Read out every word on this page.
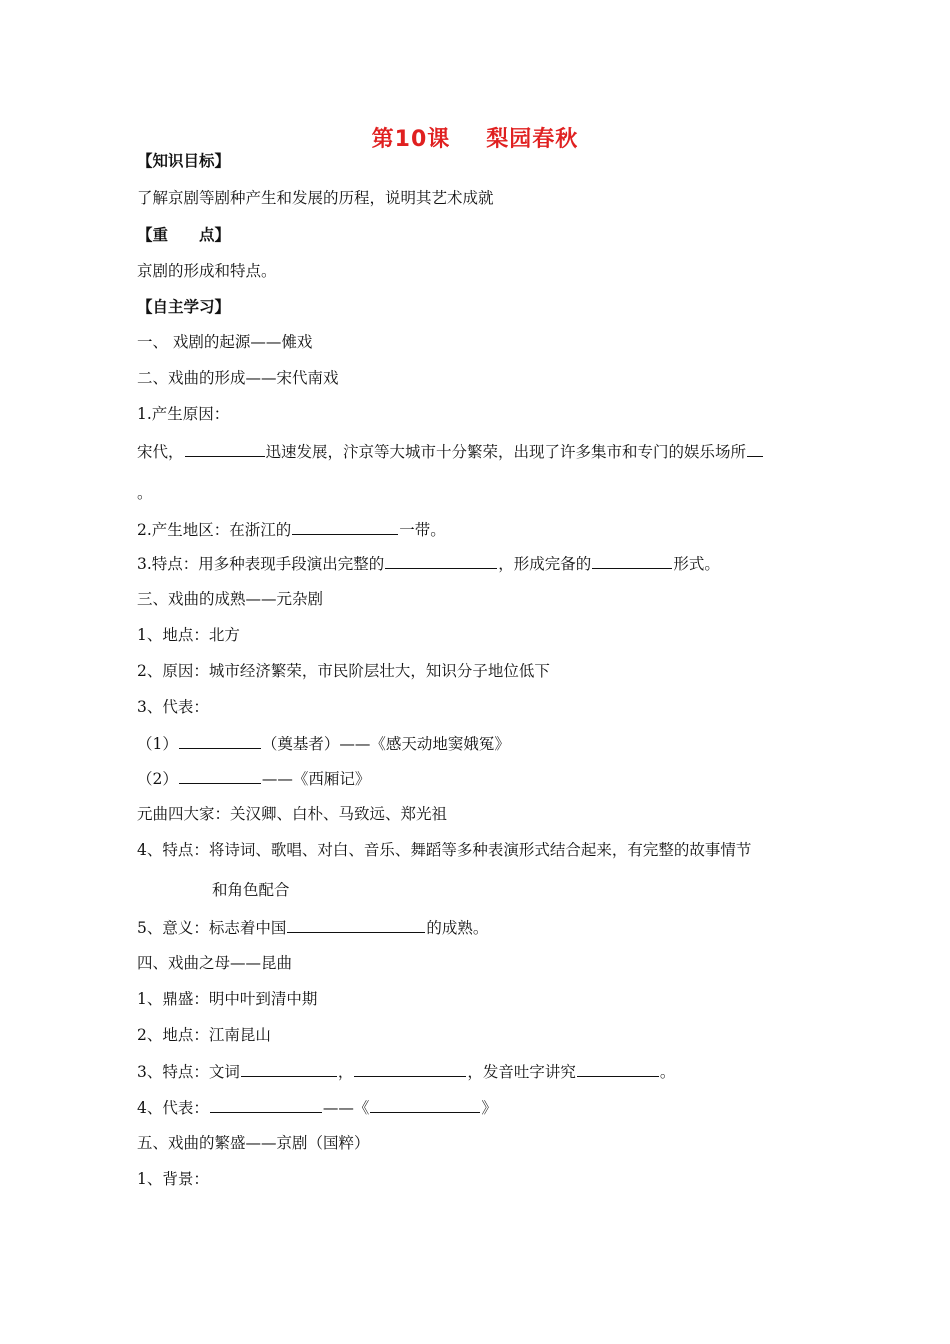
第10课 梨园春秋
【知识目标】
了解京剧等剧种产生和发展的历程，说明其艺术成就
【重　　点】
京剧的形成和特点。
【自主学习】
一、 戏剧的起源——傩戏
二、戏曲的形成——宋代南戏
1.产生原因：
宋代，	迅速发展，汴京等大城市十分繁荣，出现了许多集市和专门的娱乐场所
。
2.产生地区：在浙江的	一带。
3.特点：用多种表现手段演出完整的	，形成完备的	形式。
三、戏曲的成熟——元杂剧
1、地点：北方
2、原因：城市经济繁荣，市民阶层壮大，知识分子地位低下
3、代表：
（1）	（奠基者）——《感天动地窦娥冤》
（2）	——《西厢记》
元曲四大家：关汉卿、白朴、马致远、郑光祖
4、特点：将诗词、歌唱、对白、音乐、舞蹈等多种表演形式结合起来，有完整的故事情节
和角色配合
5、意义：标志着中国	的成熟。
四、戏曲之母——昆曲
1、鼎盛：明中叶到清中期
2、地点：江南昆山
3、特点：文词	，	，发音吐字讲究	。
4、代表：	——《	》
五、戏曲的繁盛——京剧（国粹）
1、背景：
